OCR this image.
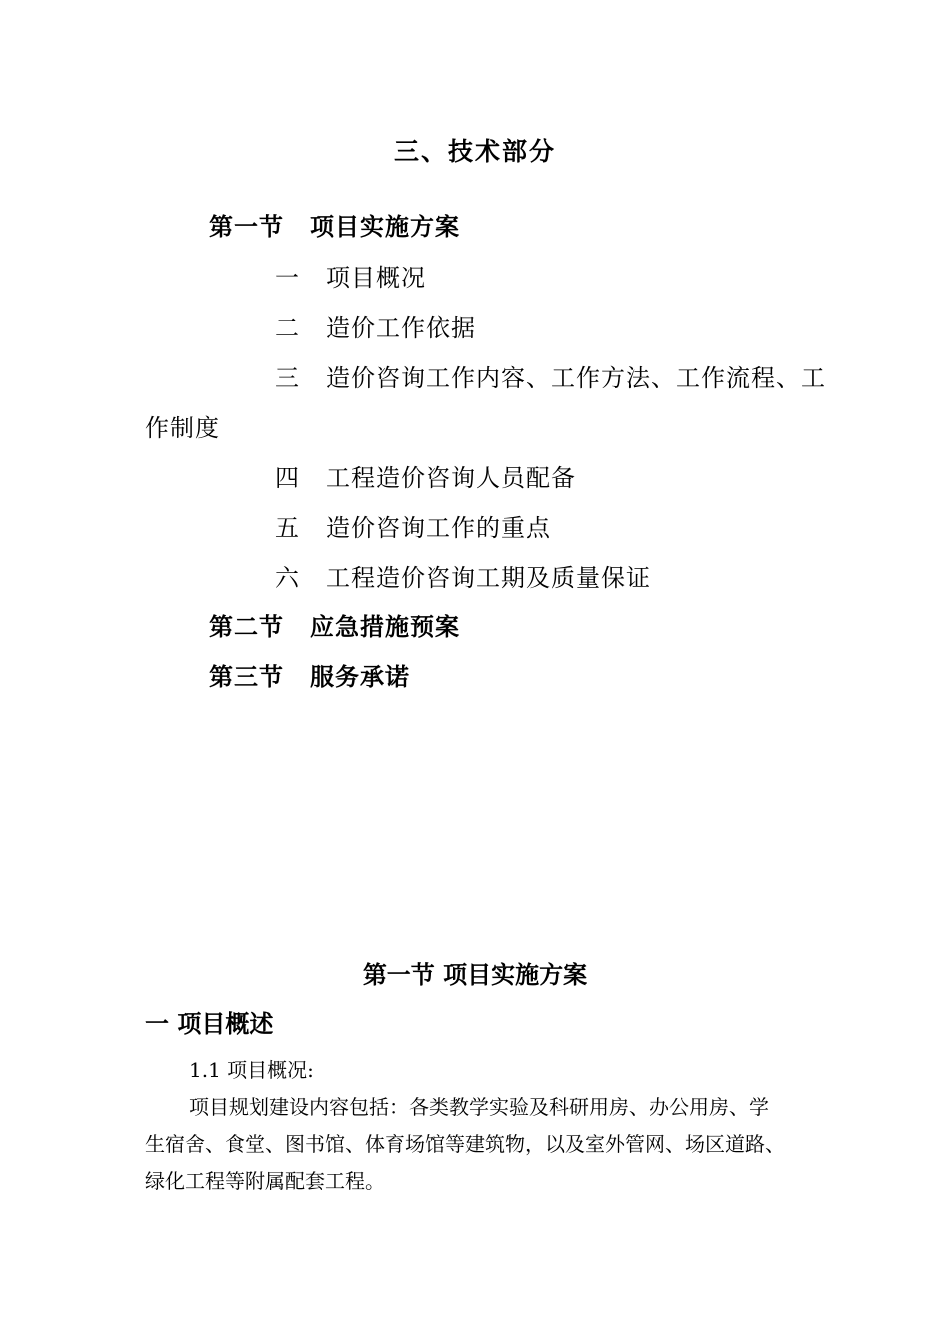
三、技术部分
第一节 项目实施方案
一 项目概况
二 造价工作依据
三 造价咨询工作内容、工作方法、工作流程、工
作制度
四 工程造价咨询人员配备
五 造价咨询工作的重点
六 工程造价咨询工期及质量保证
第二节 应急措施预案
第三节 服务承诺
第一节 项目实施方案
一 项目概述
1.1 项目概况:
项目规划建设内容包括：各类教学实验及科研用房、办公用房、学
生宿舍、食堂、图书馆、体育场馆等建筑物，以及室外管网、场区道路、
绿化工程等附属配套工程。
